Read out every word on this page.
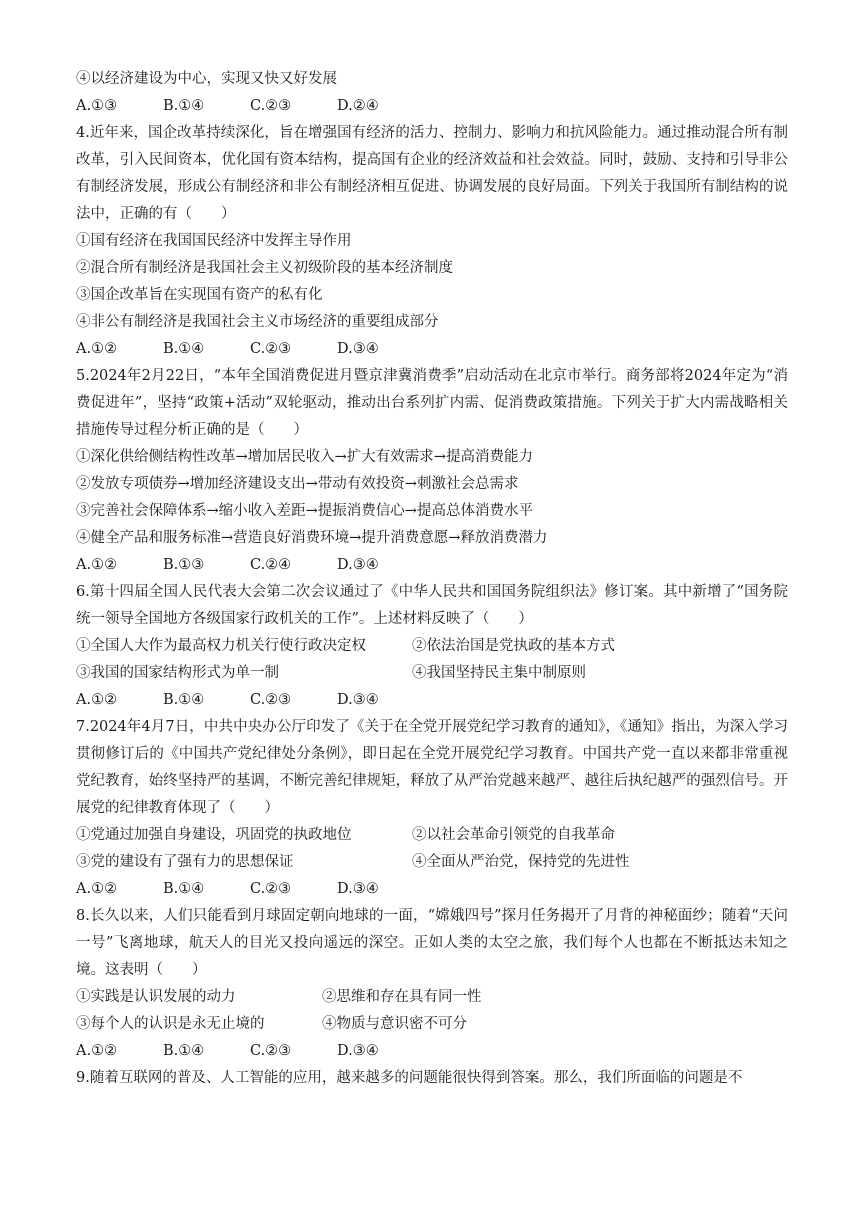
④以经济建设为中心，实现又快又好发展
A.①③	B.①④	C.②③	D.②④
4.近年来，国企改革持续深化，旨在增强国有经济的活力、控制力、影响力和抗风险能力。通过推动混合所有制改革，引入民间资本，优化国有资本结构，提高国有企业的经济效益和社会效益。同时，鼓励、支持和引导非公有制经济发展，形成公有制经济和非公有制经济相互促进、协调发展的良好局面。下列关于我国所有制结构的说法中，正确的有（　　）
①国有经济在我国国民经济中发挥主导作用
②混合所有制经济是我国社会主义初级阶段的基本经济制度
③国企改革旨在实现国有资产的私有化
④非公有制经济是我国社会主义市场经济的重要组成部分
A.①②	B.①④	C.②③	D.③④
5.2024年2月22日，“本年全国消费促进月暨京津冀消费季”启动活动在北京市举行。商务部将2024年定为“消费促进年”，坚持“政策+活动”双轮驱动，推动出台系列扩内需、促消费政策措施。下列关于扩大内需战略相关措施传导过程分析正确的是（　　）
①深化供给侧结构性改革→增加居民收入→扩大有效需求→提高消费能力
②发放专项债券→增加经济建设支出→带动有效投资→刺激社会总需求
③完善社会保障体系→缩小收入差距→提振消费信心→提高总体消费水平
④健全产品和服务标准→营造良好消费环境→提升消费意愿→释放消费潜力
A.①②	B.①③	C.②④	D.③④
6.第十四届全国人民代表大会第二次会议通过了《中华人民共和国国务院组织法》修订案。其中新增了“国务院统一领导全国地方各级国家行政机关的工作”。上述材料反映了（　　）
①全国人大作为最高权力机关行使行政决定权	②依法治国是党执政的基本方式
③我国的国家结构形式为单一制	④我国坚持民主集中制原则
A.①②	B.①④	C.②③	D.③④
7.2024年4月7日，中共中央办公厅印发了《关于在全党开展党纪学习教育的通知》，《通知》指出，为深入学习贯彻修订后的《中国共产党纪律处分条例》，即日起在全党开展党纪学习教育。中国共产党一直以来都非常重视党纪教育，始终坚持严的基调，不断完善纪律规矩，释放了从严治党越来越严、越往后执纪越严的强烈信号。开展党的纪律教育体现了（　　）
①党通过加强自身建设，巩固党的执政地位	②以社会革命引领党的自我革命
③党的建设有了强有力的思想保证	④全面从严治党，保持党的先进性
A.①②	B.①④	C.②③	D.③④
8.长久以来，人们只能看到月球固定朝向地球的一面，“嫦娥四号”探月任务揭开了月背的神秘面纱；随着“天问一号”飞离地球，航天人的目光又投向遥远的深空。正如人类的太空之旅，我们每个人也都在不断抵达未知之境。这表明（　　）
①实践是认识发展的动力	②思维和存在具有同一性
③每个人的认识是永无止境的	④物质与意识密不可分
A.①②	B.①④	C.②③	D.③④
9.随着互联网的普及、人工智能的应用，越来越多的问题能很快得到答案。那么，我们所面临的问题是不
